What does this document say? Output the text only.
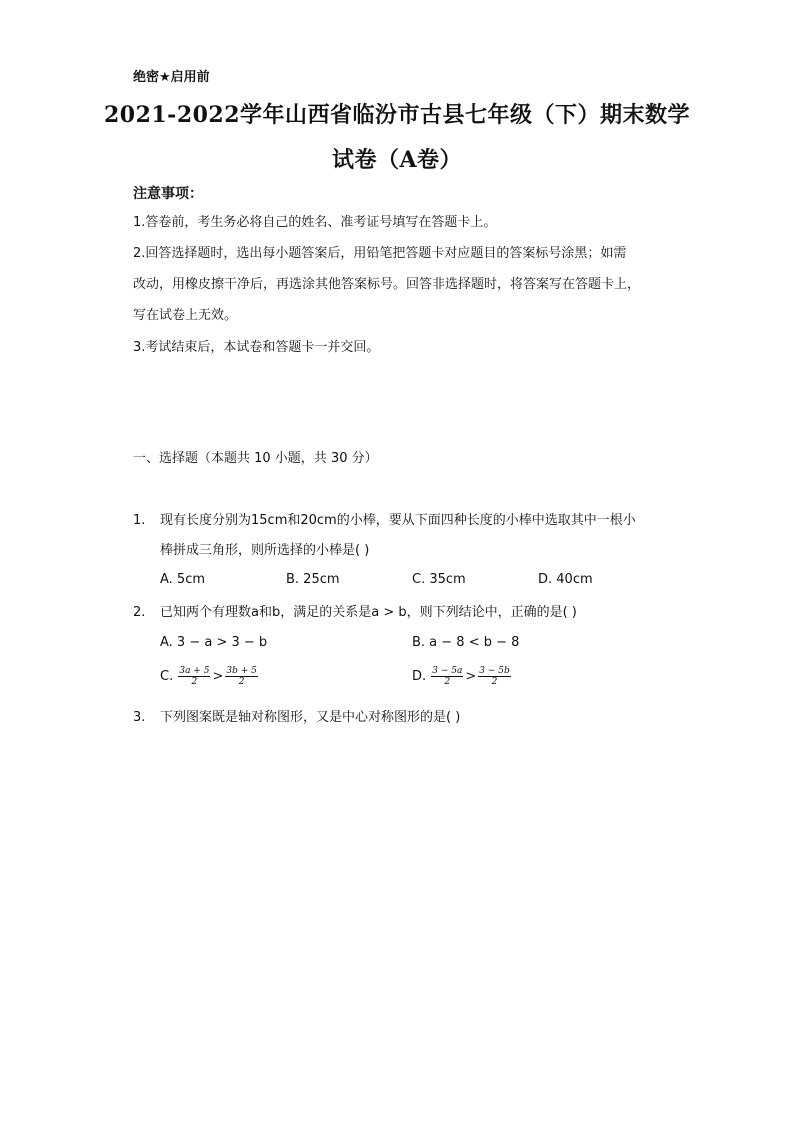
绝密★启用前
2021-2022学年山西省临汾市古县七年级（下）期末数学
试卷（A卷）
注意事项：
1.答卷前，考生务必将自己的姓名、准考证号填写在答题卡上。
2.回答选择题时，选出每小题答案后，用铅笔把答题卡对应题目的答案标号涂黑；如需
改动，用橡皮擦干净后，再选涂其他答案标号。回答非选择题时，将答案写在答题卡上，
写在试卷上无效。
3.考试结束后，本试卷和答题卡一并交回。
一、选择题（本题共 10 小题，共 30 分）
1. 现有长度分别为15cm和20cm的小棒，要从下面四种长度的小棒中选取其中一根小
棒拼成三角形，则所选择的小棒是( )
A. 5cm	B. 25cm	C. 35cm	D. 40cm
2. 已知两个有理数a和b，满足的关系是a > b，则下列结论中，正确的是( )
A. 3 − a > 3 − b	B. a − 8 < b − 8
C. $\frac{3a + 5}{2} > \frac{3b + 5}{2}$	D. $\frac{3 - 5a}{2} > \frac{3 - 5b}{2}$
3. 下列图案既是轴对称图形，又是中心对称图形的是( )
